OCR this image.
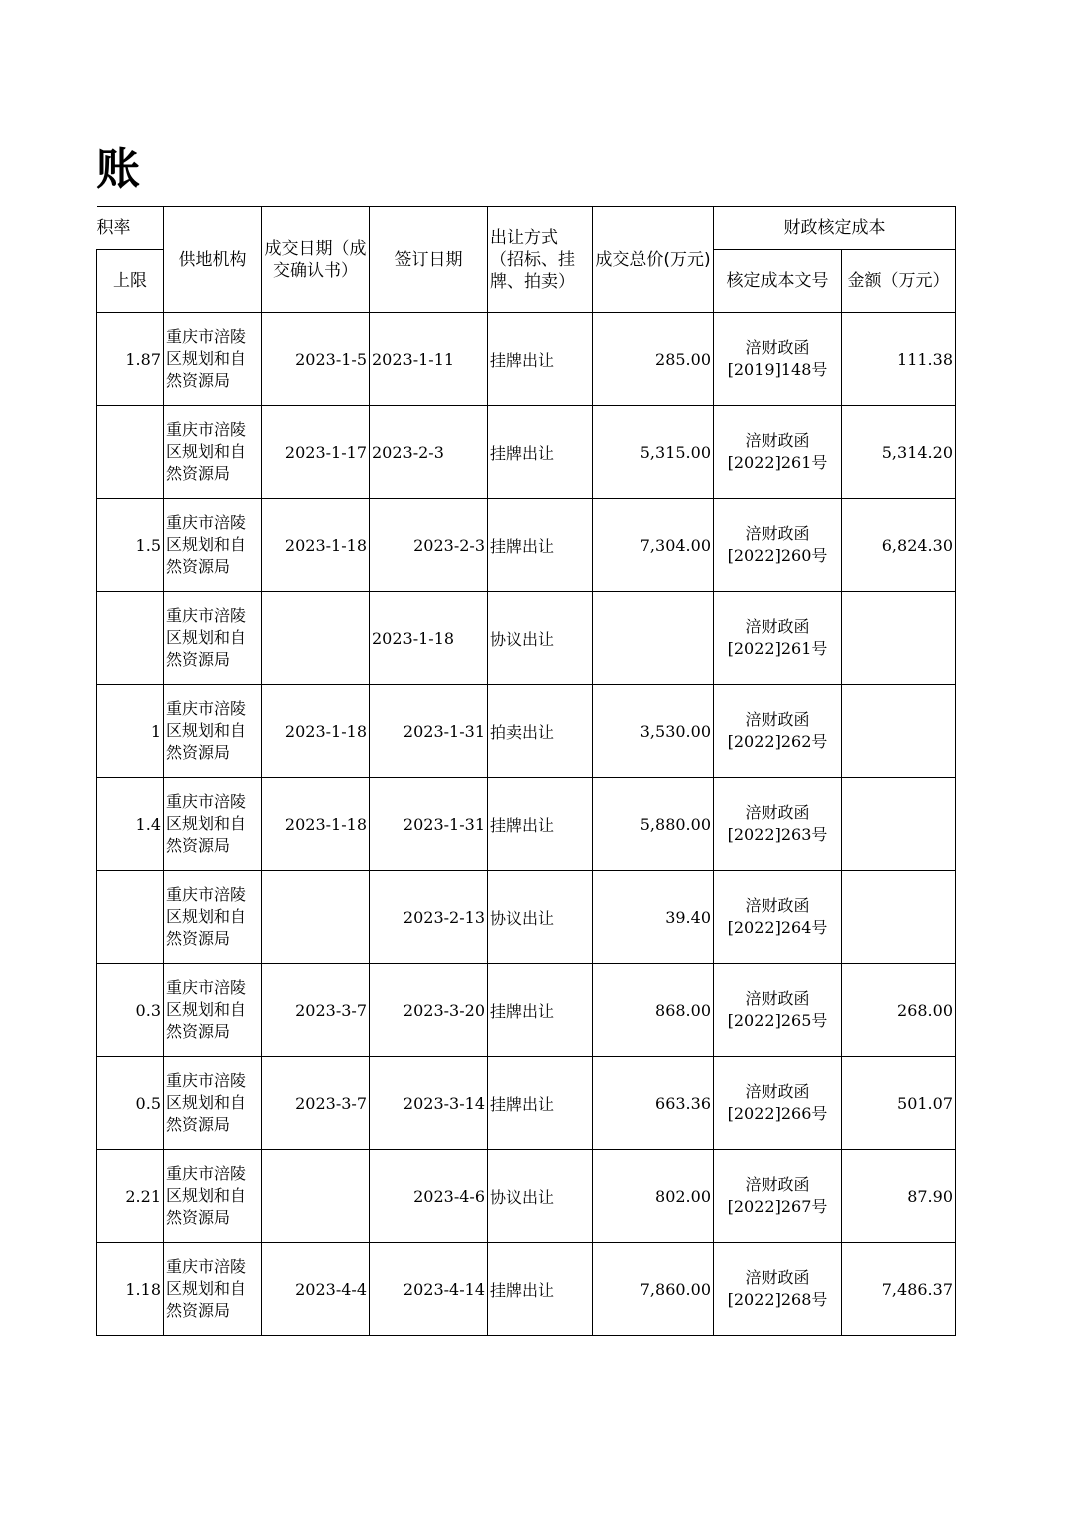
账
积率	供地机构	成交日期（成交确认书）	签订日期	出让方式（招标、挂牌、拍卖）	成交总价(万元)	财政核定成本	
上限						核定成本文号	金额（万元）
1.87	重庆市涪陵区规划和自然资源局	2023-1-5	2023-1-11	挂牌出让	285.00	涪财政函
[2019]148号	111.38
	重庆市涪陵区规划和自然资源局	2023-1-17	2023-2-3	挂牌出让	5,315.00	涪财政函
[2022]261号	5,314.20
1.5	重庆市涪陵区规划和自然资源局	2023-1-18	2023-2-3	挂牌出让	7,304.00	涪财政函
[2022]260号	6,824.30
	重庆市涪陵区规划和自然资源局		2023-1-18	协议出让		涪财政函
[2022]261号	

1	重庆市涪陵区规划和自然资源局	2023-1-18	2023-1-31	拍卖出让	3,530.00	涪财政函
[2022]262号	

1.4	重庆市涪陵区规划和自然资源局	2023-1-18	2023-1-31	挂牌出让	5,880.00	涪财政函
[2022]263号	

	重庆市涪陵区规划和自然资源局		2023-2-13	协议出让	39.40	涪财政函
[2022]264号	

0.3	重庆市涪陵区规划和自然资源局	2023-3-7	2023-3-20	挂牌出让	868.00	涪财政函
[2022]265号	268.00
0.5	重庆市涪陵区规划和自然资源局	2023-3-7	2023-3-14	挂牌出让	663.36	涪财政函
[2022]266号	501.07
2.21	重庆市涪陵区规划和自然资源局		2023-4-6	协议出让	802.00	涪财政函
[2022]267号	87.90
1.18	重庆市涪陵区规划和自然资源局	2023-4-4	2023-4-14	挂牌出让	7,860.00	涪财政函
[2022]268号	7,486.37
